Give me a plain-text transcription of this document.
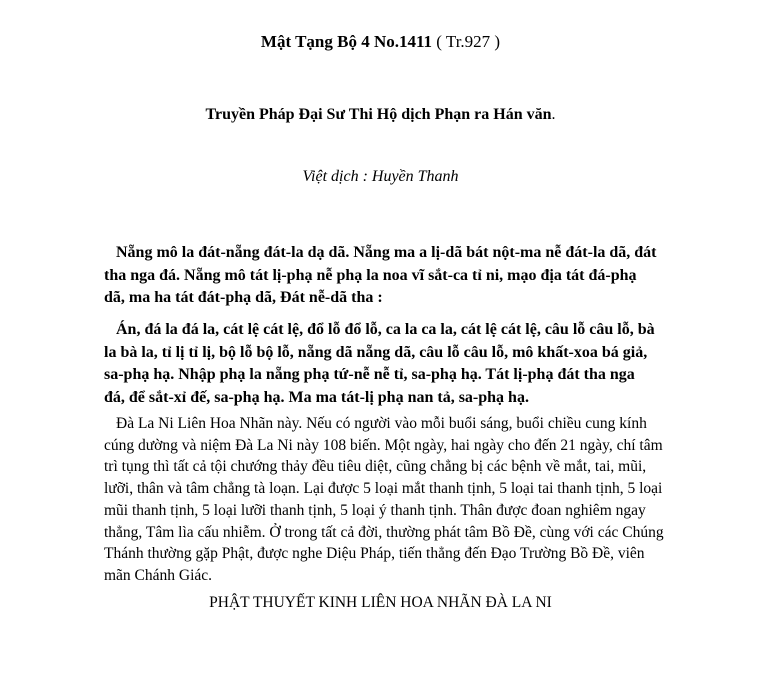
Mật Tạng Bộ 4 No.1411 ( Tr.927 )
Truyền Pháp Đại Sư Thi Hộ dịch Phạn ra Hán văn.
Việt dịch : Huyền Thanh
Nẵng mô la đát-nẵng đát-la dạ dã. Nẵng ma a lị-dã bát nột-ma nễ đát-la dã, đát
tha nga đá. Nẵng mô tát lị-phạ nễ phạ la noa vĩ sắt-ca tỉ ni, mạo địa tát đá-phạ
dã, ma ha tát đát-phạ dã, Đát nễ-dã tha :
Án, đá la đá la, cát lệ cát lệ, đổ lỗ đổ lỗ, ca la ca la, cát lệ cát lệ, câu lỗ câu lỗ, bà
la bà la, tỉ lị tỉ lị, bộ lỗ bộ lỗ, nẵng dã nẵng dã, câu lỗ câu lỗ, mô khất-xoa bá giả,
sa-phạ hạ. Nhập phạ la nẵng phạ tứ-nễ nễ tỉ, sa-phạ hạ. Tát lị-phạ đát tha nga
đá, để sắt-xỉ đế, sa-phạ hạ. Ma ma tát-lị phạ nan tả, sa-phạ hạ.
Đà La Ni Liên Hoa Nhãn này. Nếu có người vào mỗi buổi sáng, buổi chiều cung kính
cúng dường và niệm Đà La Ni này 108 biến. Một ngày, hai ngày cho đến 21 ngày, chí tâm
trì tụng thì tất cả tội chướng thảy đều tiêu diệt, cũng chẳng bị các bệnh về mắt, tai, mũi,
lưỡi, thân và tâm chẳng tà loạn. Lại được 5 loại mắt thanh tịnh, 5 loại tai thanh tịnh, 5 loại
mũi thanh tịnh, 5 loại lưỡi thanh tịnh, 5 loại ý thanh tịnh. Thân được đoan nghiêm ngay
thẳng, Tâm lìa cấu nhiễm. Ở trong tất cả đời, thường phát tâm Bồ Đề, cùng với các Chúng
Thánh thường gặp Phật, được nghe Diệu Pháp, tiến thẳng đến Đạo Trường Bồ Đề, viên
mãn Chánh Giác.
PHẬT THUYẾT KINH LIÊN HOA NHÃN ĐÀ LA NI
